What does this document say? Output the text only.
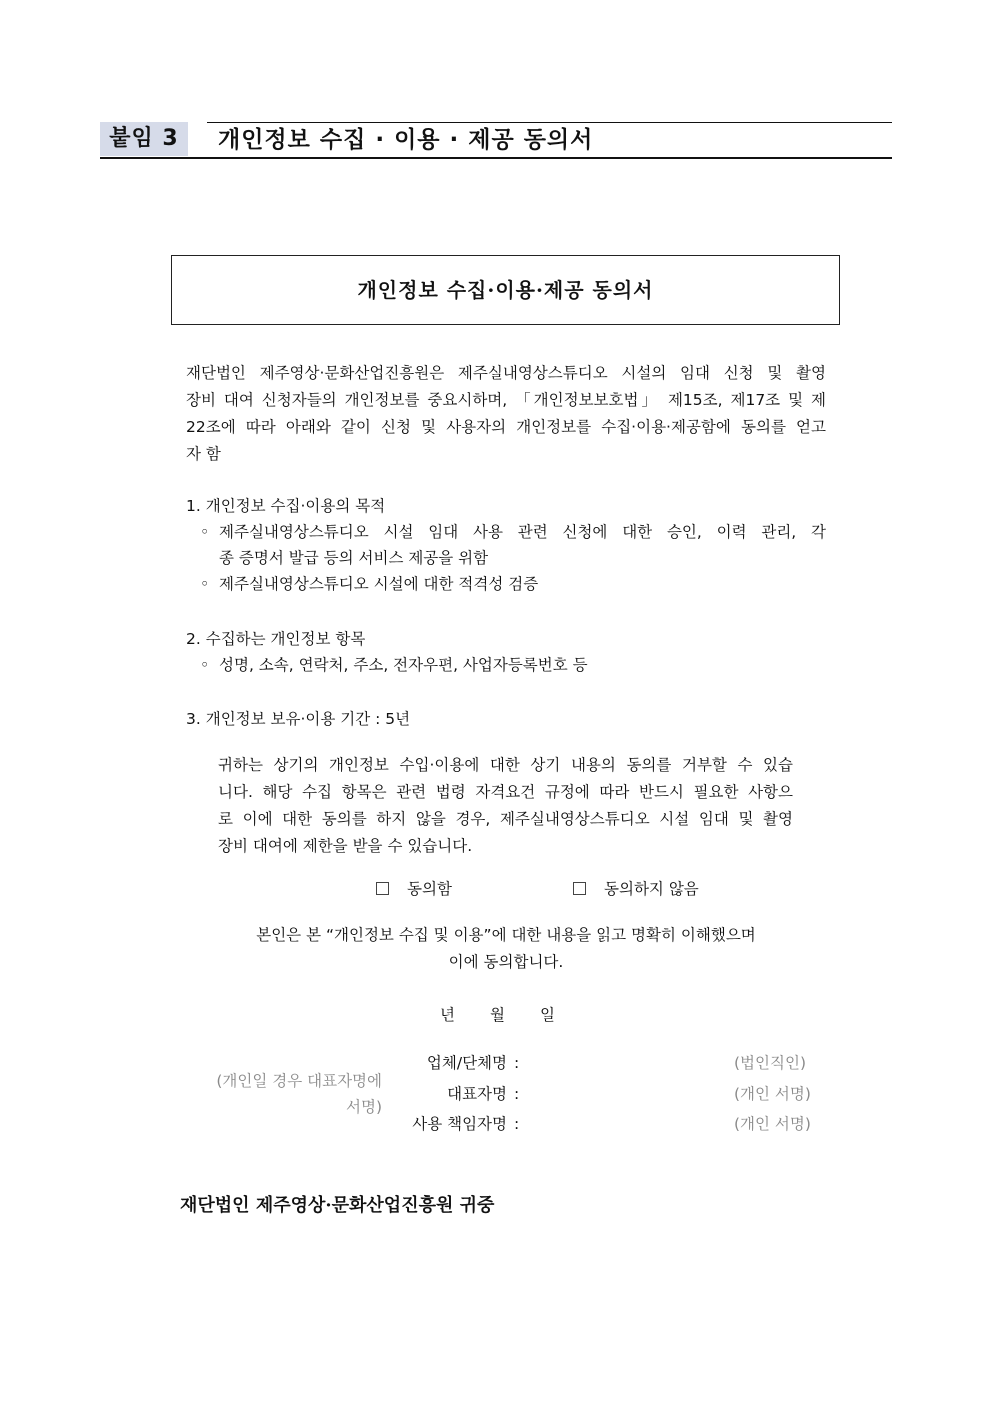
붙임 3	개인정보 수집 · 이용 · 제공 동의서
개인정보 수집·이용·제공 동의서
재단법인 제주영상·문화산업진흥원은 제주실내영상스튜디오 시설의 임대 신청 및 촬영
장비 대여 신청자들의 개인정보를 중요시하며, 「개인정보보호법」 제15조, 제17조 및 제
22조에 따라 아래와 같이 신청 및 사용자의 개인정보를 수집·이용·제공함에 동의를 얻고
자 함
1. 개인정보 수집·이용의 목적
◦ 제주실내영상스튜디오 시설 임대 사용 관련 신청에 대한 승인, 이력 관리, 각
종 증명서 발급 등의 서비스 제공을 위함
◦ 제주실내영상스튜디오 시설에 대한 적격성 검증
2. 수집하는 개인정보 항목
◦ 성명, 소속, 연락처, 주소, 전자우편, 사업자등록번호 등
3. 개인정보 보유·이용 기간 : 5년
귀하는 상기의 개인정보 수입·이용에 대한 상기 내용의 동의를 거부할 수 있습
니다. 해당 수집 항목은 관련 법령 자격요건 규정에 따라 반드시 필요한 사항으
로 이에 대한 동의를 하지 않을 경우, 제주실내영상스튜디오 시설 임대 및 촬영
장비 대여에 제한을 받을 수 있습니다.
동의함	동의하지 않음
본인은 본 “개인정보 수집 및 이용”에 대한 내용을 읽고 명확히 이해했으며
이에 동의합니다.
년 월 일
(개인일 경우 대표자명에
서명)
업체/단체명 :	(법인직인)
대표자명 :	(개인 서명)
사용 책임자명 :	(개인 서명)
재단법인 제주영상·문화산업진흥원 귀중
